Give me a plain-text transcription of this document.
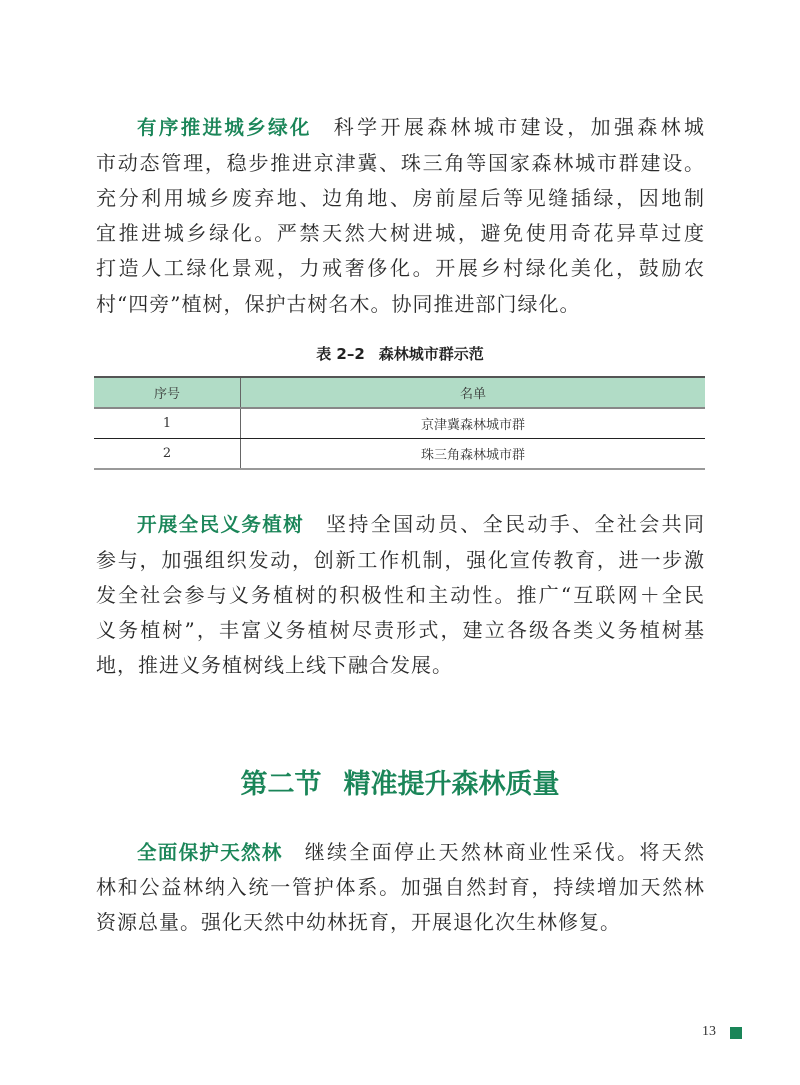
有序推进城乡绿化 科学开展森林城市建设，加强森林城
市动态管理，稳步推进京津冀、珠三角等国家森林城市群建设。
充分利用城乡废弃地、边角地、房前屋后等见缝插绿，因地制
宜推进城乡绿化。严禁天然大树进城，避免使用奇花异草过度
打造人工绿化景观，力戒奢侈化。开展乡村绿化美化，鼓励农
村“四旁”植树，保护古树名木。协同推进部门绿化。
表 2–2 森林城市群示范
序号	名单
1	京津冀森林城市群
2	珠三角森林城市群
开展全民义务植树 坚持全国动员、全民动手、全社会共同
参与，加强组织发动，创新工作机制，强化宣传教育，进一步激
发全社会参与义务植树的积极性和主动性。推广“互联网＋全民
义务植树”，丰富义务植树尽责形式，建立各级各类义务植树基
地，推进义务植树线上线下融合发展。
第二节 精准提升森林质量
全面保护天然林 继续全面停止天然林商业性采伐。将天然
林和公益林纳入统一管护体系。加强自然封育，持续增加天然林
资源总量。强化天然中幼林抚育，开展退化次生林修复。
13
